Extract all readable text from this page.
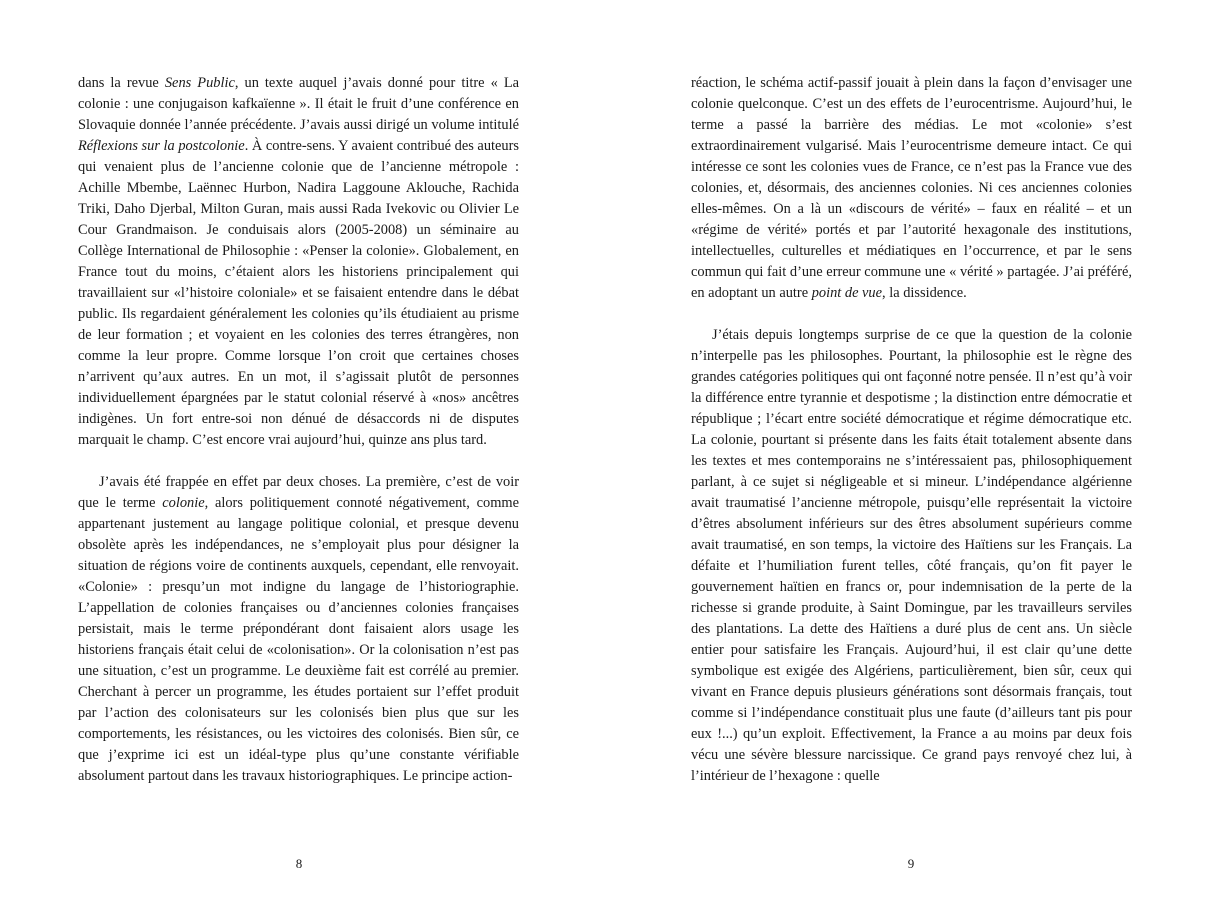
dans la revue Sens Public, un texte auquel j’avais donné pour titre « La colonie : une conjugaison kafkaïenne ». Il était le fruit d’une conférence en Slovaquie donnée l’année précédente. J’avais aussi dirigé un volume intitulé Réflexions sur la postcolonie. À contre-sens. Y avaient contribué des auteurs qui venaient plus de l’ancienne colonie que de l’ancienne métropole : Achille Mbembe, Laënnec Hurbon, Nadira Laggoune Aklouche, Rachida Triki, Daho Djerbal, Milton Guran, mais aussi Rada Ivekovic ou Olivier Le Cour Grandmaison. Je conduisais alors (2005-2008) un séminaire au Collège International de Philosophie : «Penser la colonie». Globalement, en France tout du moins, c’étaient alors les historiens principalement qui travaillaient sur «l’histoire coloniale» et se faisaient entendre dans le débat public. Ils regardaient généralement les colonies qu’ils étudiaient au prisme de leur formation ; et voyaient en les colonies des terres étrangères, non comme la leur propre. Comme lorsque l’on croit que certaines choses n’arrivent qu’aux autres. En un mot, il s’agissait plutôt de personnes individuellement épargnées par le statut colonial réservé à «nos» ancêtres indigènes. Un fort entre-soi non dénué de désaccords ni de disputes marquait le champ. C’est encore vrai aujourd’hui, quinze ans plus tard.

J’avais été frappée en effet par deux choses. La première, c’est de voir que le terme colonie, alors politiquement connoté négativement, comme appartenant justement au langage politique colonial, et presque devenu obsolète après les indépendances, ne s’employait plus pour désigner la situation de régions voire de continents auxquels, cependant, elle renvoyait. «Colonie» : presqu’un mot indigne du langage de l’historiographie. L’appellation de colonies françaises ou d’anciennes colonies françaises persistait, mais le terme prépondérant dont faisaient alors usage les historiens français était celui de «colonisation». Or la colonisation n’est pas une situation, c’est un programme. Le deuxième fait est corrélé au premier. Cherchant à percer un programme, les études portaient sur l’effet produit par l’action des colonisateurs sur les colonisés bien plus que sur les comportements, les résistances, ou les victoires des colonisés. Bien sûr, ce que j’exprime ici est un idéal-type plus qu’une constante vérifiable absolument partout dans les travaux historiographiques. Le principe action-

réaction, le schéma actif-passif jouait à plein dans la façon d’envisager une colonie quelconque. C’est un des effets de l’eurocentrisme. Aujourd’hui, le terme a passé la barrière des médias. Le mot «colonie» s’est extraordinairement vulgarisé. Mais l’eurocentrisme demeure intact. Ce qui intéresse ce sont les colonies vues de France, ce n’est pas la France vue des colonies, et, désormais, des anciennes colonies. Ni ces anciennes colonies elles-mêmes. On a là un «discours de vérité» – faux en réalité – et un «régime de vérité» portés et par l’autorité hexagonale des institutions, intellectuelles, culturelles et médiatiques en l’occurrence, et par le sens commun qui fait d’une erreur commune une « vérité » partagée. J’ai préféré, en adoptant un autre point de vue, la dissidence.

J’étais depuis longtemps surprise de ce que la question de la colonie n’interpelle pas les philosophes. Pourtant, la philosophie est le règne des grandes catégories politiques qui ont façonné notre pensée. Il n’est qu’à voir la différence entre tyrannie et despotisme ; la distinction entre démocratie et république ; l’écart entre société démocratique et régime démocratique etc. La colonie, pourtant si présente dans les faits était totalement absente dans les textes et mes contemporains ne s’intéressaient pas, philosophiquement parlant, à ce sujet si négligeable et si mineur. L’indépendance algérienne avait traumatisé l’ancienne métropole, puisqu’elle représentait la victoire d’êtres absolument inférieurs sur des êtres absolument supérieurs comme avait traumatisé, en son temps, la victoire des Haïtiens sur les Français. La défaite et l’humiliation furent telles, côté français, qu’on fit payer le gouvernement haïtien en francs or, pour indemnisation de la perte de la richesse si grande produite, à Saint Domingue, par les travailleurs serviles des plantations. La dette des Haïtiens a duré plus de cent ans. Un siècle entier pour satisfaire les Français. Aujourd’hui, il est clair qu’une dette symbolique est exigée des Algériens, particulièrement, bien sûr, ceux qui vivant en France depuis plusieurs générations sont désormais français, tout comme si l’indépendance constituait plus une faute (d’ailleurs tant pis pour eux !...) qu’un exploit. Effectivement, la France a au moins par deux fois vécu une sévère blessure narcissique. Ce grand pays renvoyé chez lui, à l’intérieur de l’hexagone : quelle

8	9
